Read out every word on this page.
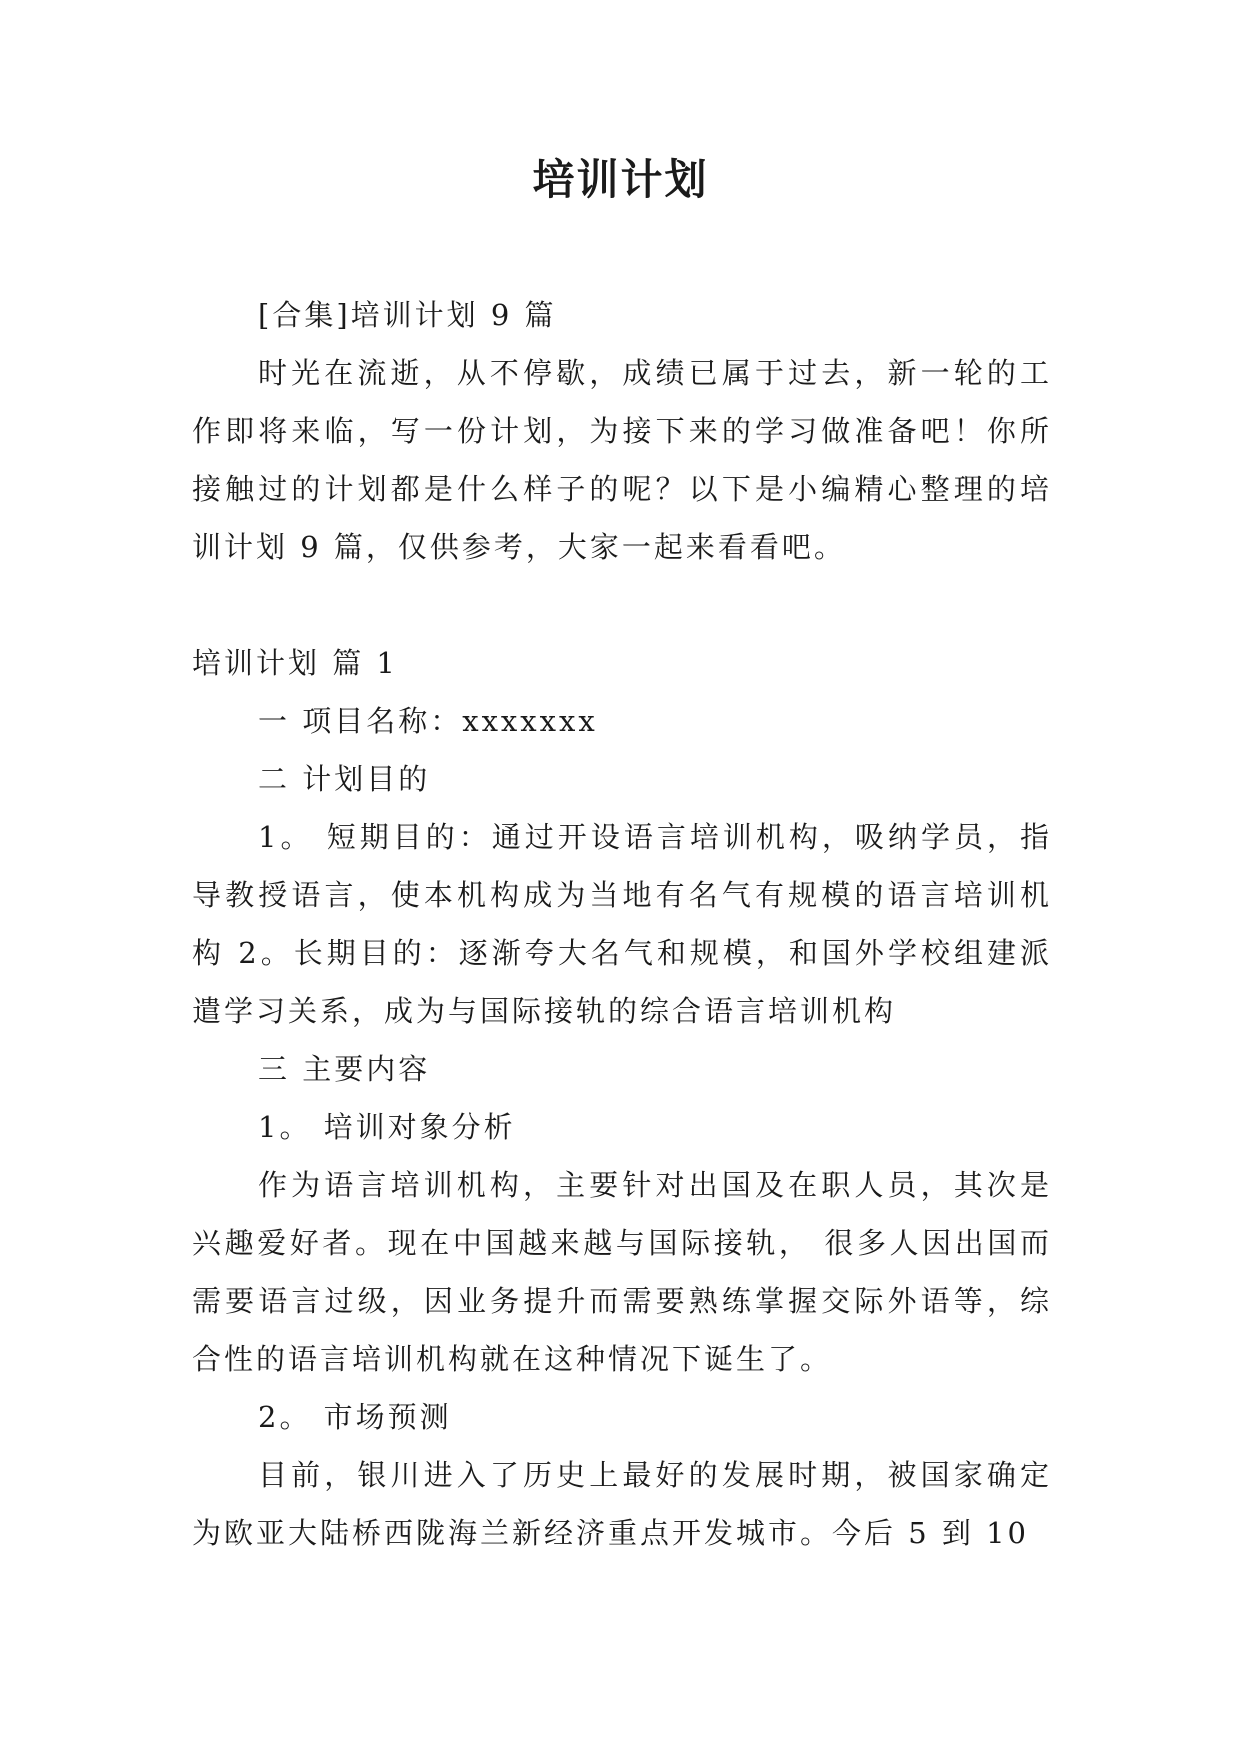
培训计划

[合集]培训计划 9 篇

时光在流逝，从不停歇，成绩已属于过去，新一轮的工作即将来临，写一份计划，为接下来的学习做准备吧！你所接触过的计划都是什么样子的呢？以下是小编精心整理的培训计划 9 篇，仅供参考，大家一起来看看吧。

培训计划 篇 1

一 项目名称：xxxxxxx

二 计划目的

1。 短期目的：通过开设语言培训机构，吸纳学员，指导教授语言，使本机构成为当地有名气有规模的语言培训机构 2。长期目的：逐渐夸大名气和规模，和国外学校组建派遣学习关系，成为与国际接轨的综合语言培训机构

三 主要内容

1。 培训对象分析

作为语言培训机构，主要针对出国及在职人员，其次是兴趣爱好者。现在中国越来越与国际接轨， 很多人因出国而需要语言过级，因业务提升而需要熟练掌握交际外语等，综合性的语言培训机构就在这种情况下诞生了。

2。 市场预测

目前，银川进入了历史上最好的发展时期，被国家确定为欧亚大陆桥西陇海兰新经济重点开发城市。今后 5 到 10
